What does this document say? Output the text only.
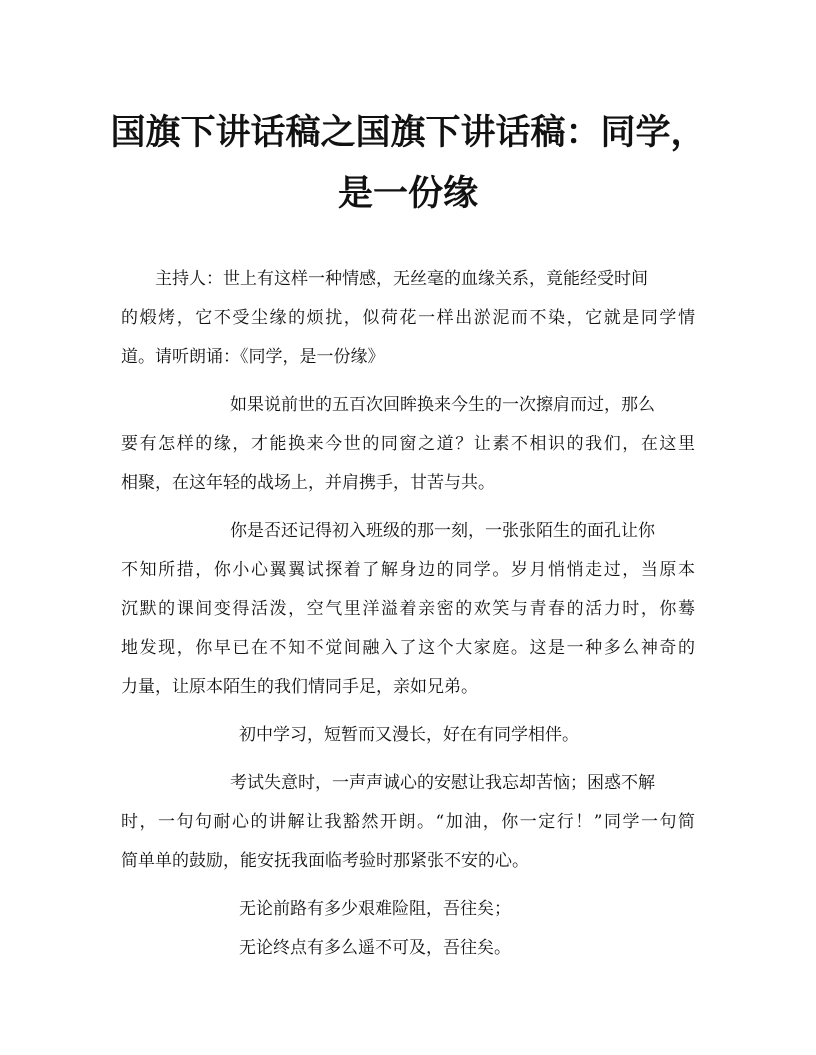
国旗下讲话稿之国旗下讲话稿：同学，
是一份缘
主持人：世上有这样一种情感，无丝毫的血缘关系，竟能经受时间
的煅烤，它不受尘缘的烦扰，似荷花一样出淤泥而不染，它就是同学情
道。请听朗诵：《同学，是一份缘》
如果说前世的五百次回眸换来今生的一次擦肩而过，那么
要有怎样的缘，才能换来今世的同窗之道？让素不相识的我们，在这里
相聚，在这年轻的战场上，并肩携手，甘苦与共。
你是否还记得初入班级的那一刻，一张张陌生的面孔让你
不知所措，你小心翼翼试探着了解身边的同学。岁月悄悄走过，当原本
沉默的课间变得活泼，空气里洋溢着亲密的欢笑与青春的活力时，你蓦
地发现，你早已在不知不觉间融入了这个大家庭。这是一种多么神奇的
力量，让原本陌生的我们情同手足，亲如兄弟。
初中学习，短暂而又漫长，好在有同学相伴。
考试失意时，一声声诚心的安慰让我忘却苦恼；困惑不解
时，一句句耐心的讲解让我豁然开朗。“加油，你一定行！”同学一句简
简单单的鼓励，能安抚我面临考验时那紧张不安的心。
无论前路有多少艰难险阻，吾往矣；
无论终点有多么遥不可及，吾往矣。
